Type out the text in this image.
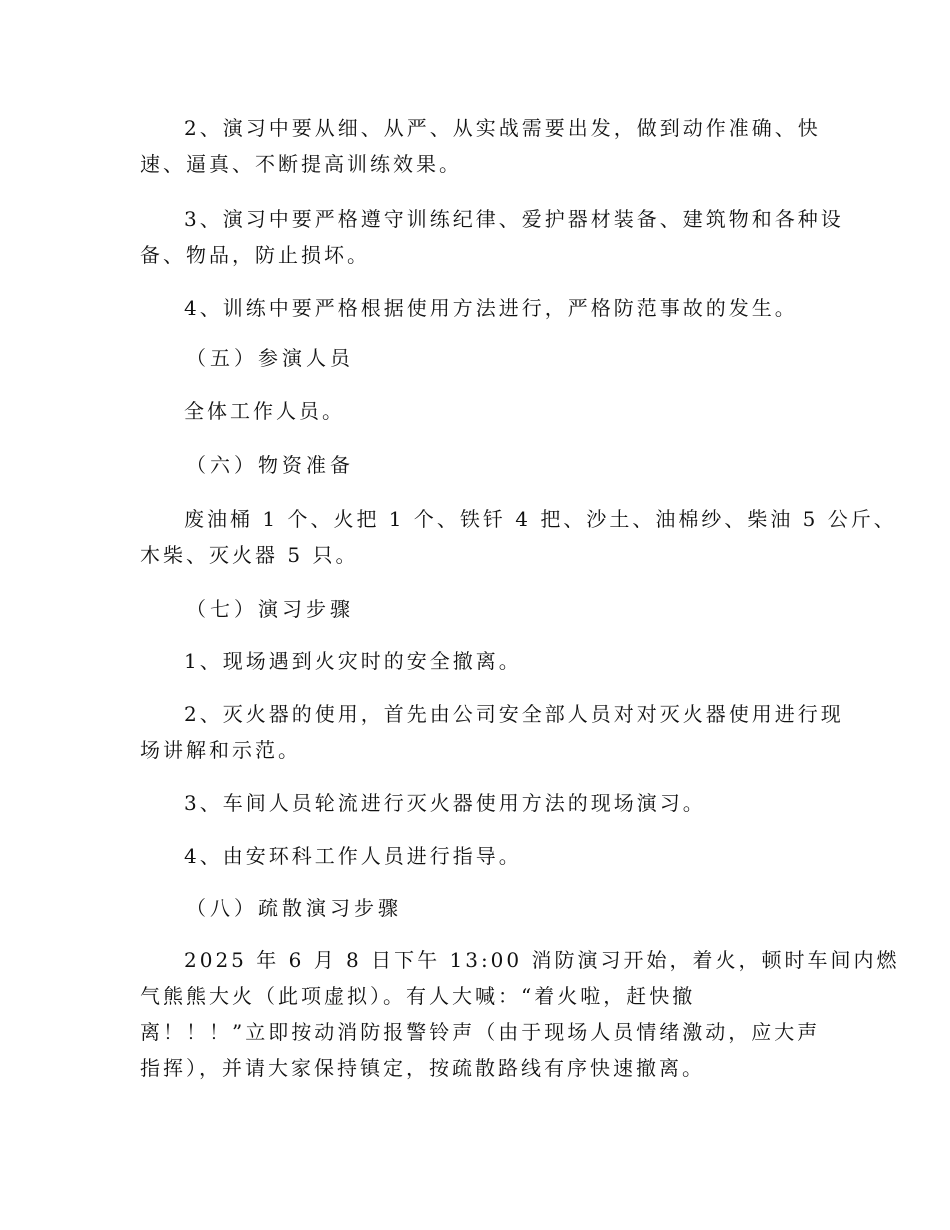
2、演习中要从细、从严、从实战需要出发，做到动作准确、快
速、逼真、不断提高训练效果。
3、演习中要严格遵守训练纪律、爱护器材装备、建筑物和各种设
备、物品，防止损坏。
4、训练中要严格根据使用方法进行，严格防范事故的发生。
（五）参演人员
全体工作人员。
（六）物资准备
废油桶 1 个、火把 1 个、铁钎 4 把、沙土、油棉纱、柴油 5 公斤、
木柴、灭火器 5 只。
（七）演习步骤
1、现场遇到火灾时的安全撤离。
2、灭火器的使用，首先由公司安全部人员对对灭火器使用进行现
场讲解和示范。
3、车间人员轮流进行灭火器使用方法的现场演习。
4、由安环科工作人员进行指导。
（八）疏散演习步骤
2025 年 6 月 8 日下午 13:00 消防演习开始，着火，顿时车间内燃
气熊熊大火（此项虚拟）。有人大喊：“着火啦，赶快撤
离！！！”立即按动消防报警铃声（由于现场人员情绪激动，应大声
指挥），并请大家保持镇定，按疏散路线有序快速撤离。
